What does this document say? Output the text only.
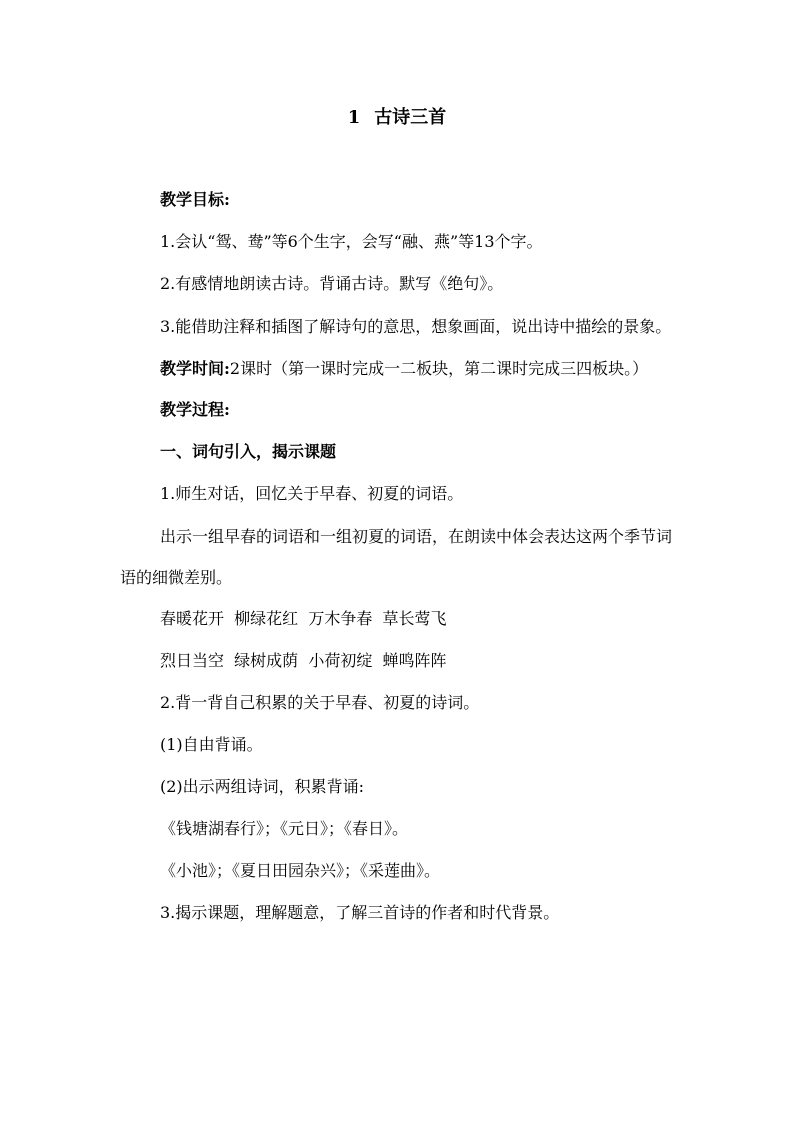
1 古诗三首

教学目标:

1.会认“鸳、鸯”等6个生字，会写“融、燕”等13个字。

2.有感情地朗读古诗。背诵古诗。默写《绝句》。

3.能借助注释和插图了解诗句的意思，想象画面，说出诗中描绘的景象。

教学时间:2课时（第一课时完成一二板块，第二课时完成三四板块。）

教学过程:

一、词句引入，揭示课题

1.师生对话，回忆关于早春、初夏的词语。

出示一组早春的词语和一组初夏的词语，在朗读中体会表达这两个季节词语的细微差别。

春暖花开  柳绿花红  万木争春  草长莺飞

烈日当空  绿树成荫  小荷初绽  蝉鸣阵阵

2.背一背自己积累的关于早春、初夏的诗词。

(1)自由背诵。

(2)出示两组诗词，积累背诵:

《钱塘湖春行》；《元日》；《春日》。

《小池》；《夏日田园杂兴》；《采莲曲》。

3.揭示课题，理解题意，了解三首诗的作者和时代背景。
